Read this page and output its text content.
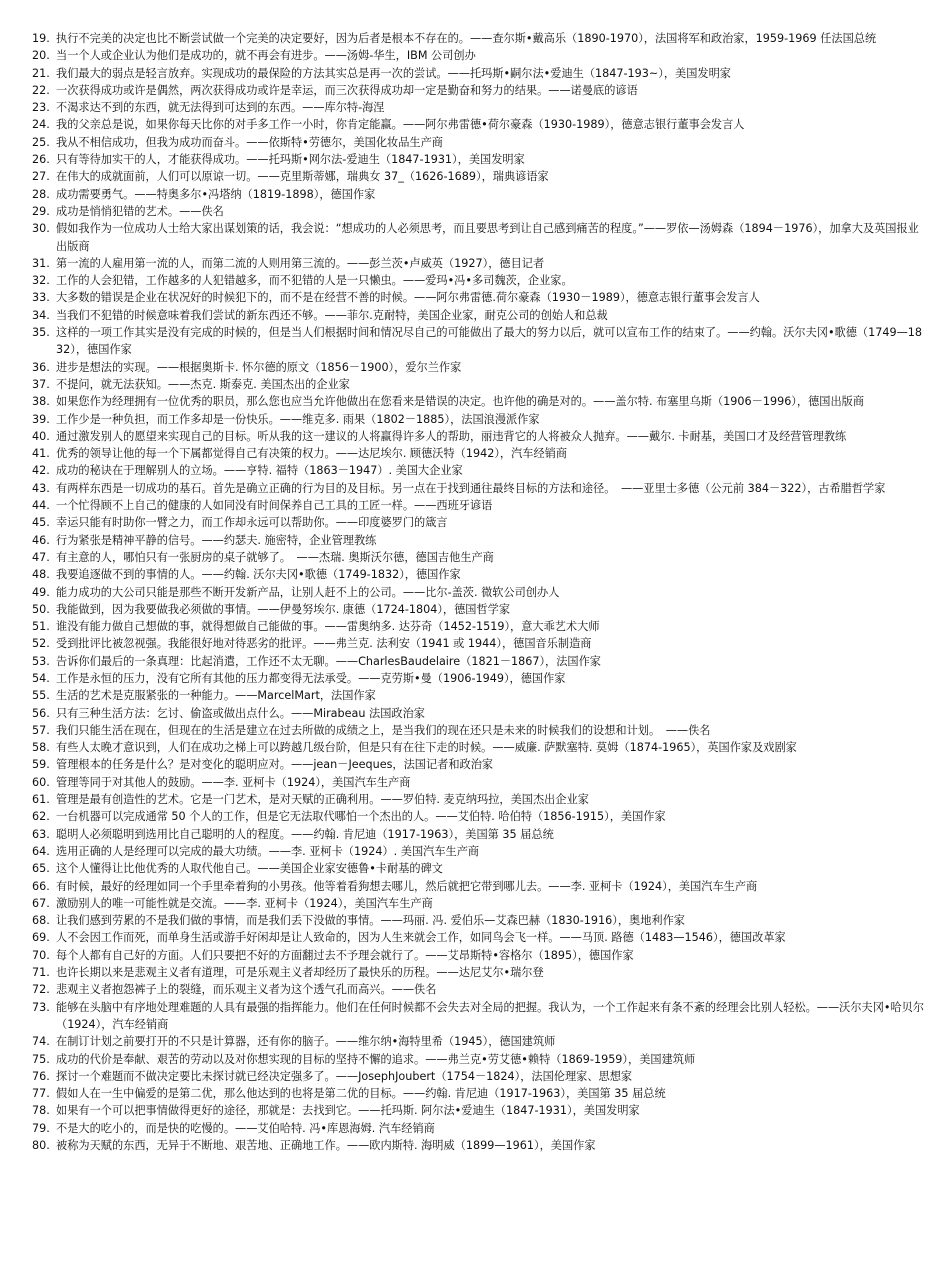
19. 执行不完美的决定也比不断尝试做一个完美的决定要好，因为后者是根本不存在的。——查尔斯•戴高乐（1890-1970），法国将军和政治家，1959-1969 任法国总统
20. 当一个人或企业认为他们是成功的，就不再会有进步。——汤姆-华生，IBM 公司创办
21. 我们最大的弱点是轻言放弃。实现成功的最保险的方法其实总是再一次的尝试。——托玛斯•嗣尔法•爱迪生（1847-193~），美国发明家
22. 一次获得成功或许是偶然，两次获得成功或许是幸运，而三次获得成功却一定是勤奋和努力的结果。——诺曼底的谚语
23. 不渴求达不到的东西，就无法得到可达到的东西。——库尔特-海涅
24. 我的父亲总是说，如果你每天比你的对手多工作一小时，你肯定能赢。——阿尔弗雷德•荷尔豪森（1930-1989），德意志银行董事会发言人
25. 我从不相信成功，但我为成功而奋斗。——依斯特•劳德尔，美国化妆品生产商
26. 只有等待加实干的人，才能获得成功。——托玛斯•网尔法-爱迪生（1847-1931），美国发明家
27. 在伟大的成就面前，人们可以原谅一切。——克里斯蒂娜，瑞典女 37_（1626-1689），瑞典谚语家
28. 成功需要勇气。——特奥多尔•冯塔纳（1819-1898），德国作家
29. 成功是悄悄犯错的艺术。——佚名
30. 假如我作为一位成功人士给大家出谋划策的话，我会说：“想成功的人必须思考，而且要思考到让自己感到痛苦的程度。”——罗依—汤姆森（1894－1976），加拿大及英国报业出版商
31. 第一流的人雇用第一流的人，而第二流的人则用第三流的。——彭兰茨•卢威英（1927），德目记者
32. 工作的人会犯错，工作越多的人犯错越多，而不犯错的人是一只懒虫。——爱玛•冯•多司魏茨，企业家。
33. 大多数的错误是企业在状况好的时候犯下的，而不是在经营不善的时候。——阿尔弗雷德.荷尔豪森（1930－1989），德意志银行董事会发言人
34. 当我们不犯错的时候意味着我们尝试的新东西还不够。——菲尔.克耐特，美国企业家，耐克公司的创始人和总裁
35. 这样的一项工作其实是没有完成的时候的，但是当人们根据时间和情况尽自己的可能做出了最大的努力以后，就可以宣布工作的结束了。——约翰。沃尔夫冈•歌德（1749—1832），德国作家
36. 进步是想法的实现。——根据奥斯卡. 怀尔德的原文（1856－1900），爱尔兰作家
37. 不提问，就无法获知。——杰克. 斯泰克. 美国杰出的企业家
38. 如果您作为经理拥有一位优秀的职员，那么您也应当允许他做出在您看来是错误的决定。也许他的确是对的。——盖尔特. 布塞里乌斯（1906－1996），德国出版商
39. 工作少是一种负担，而工作多却是一份快乐。——维克多. 雨果（1802－1885），法国浪漫派作家
40. 通过激发别人的愿望来实现自己的目标。听从我的这一建议的人将赢得许多人的帮助，丽违背它的人将被众人抛弃。——戴尔. 卡耐基，美国口才及经营管理教练
41. 优秀的领导让他的每一个下属都觉得自己有决策的权力。——达尼埃尔. 顾德沃特（1942），汽车经销商
42. 成功的秘诀在于理解别人的立场。——亨特. 福特（1863－1947）. 美国大企业家
43. 有两样东西是一切成功的基石。首先是确立正确的行为目的及目标。另一点在于找到通往最终目标的方法和途径。　——亚里士多德（公元前 384－322），古希腊哲学家
44. 一个忙得顾不上自己的健康的人如同没有时间保养自己工具的工匠一样。——西班牙谚语
45. 幸运只能有时助你一臂之力，而工作却永远可以帮助你。——印度婆罗门的箴言
46. 行为紧张是精神平静的信号。——约瑟夫. 施密特，企业管理教练
47. 有主意的人，哪怕只有一张厨房的桌子就够了。　——杰瑞. 奥斯沃尔德，德国吉他生产商
48. 我要追逐做不到的事情的人。——约翰. 沃尔夫冈•歌德（1749-1832），德国作家
49. 能力成功的大公司只能是那些不断开发新产品，让别人赶不上的公司。——比尔-盖茨. 微软公司创办人
50. 我能做到，因为我要做我必须做的事情。——伊曼努埃尔. 康德（1724-1804），德国哲学家
51. 谁没有能力做自己想做的事，就得想做自己能做的事。——雷奥纳多. 达芬奇（1452-1519），意大乖艺术大师
52. 受到批评比被忽视强。我能很好地对待恶劣的批评。——弗兰克. 法利安（1941 或 1944），德国音乐制造商
53. 告诉你们最后的一条真理：比起消遣，工作还不太无聊。——CharlesBaudelaire（1821－1867），法国作家
54. 工作是永恒的压力，没有它所有其他的压力都变得无法承受。——克劳斯•曼（1906-1949），德国作家
55. 生活的艺术是克服紧张的一种能力。——MarcelMart，法国作家
56. 只有三种生活方法：乞讨、偷盗或做出点什么。——Mirabeau 法国政治家
57. 我们只能生活在现在，但现在的生活是建立在过去所做的成绩之上，是当我们的现在还只是未来的时候我们的设想和计划。　——佚名
58. 有些人太晚才意识到，人们在成功之梯上可以跨越几级台阶，但是只有在往下走的时候。——威廉. 萨默塞特. 莫姆（1874-1965），英国作家及戏剧家
59. 管理根本的任务是什么？是对变化的聪明应对。——jean－Jeeques，法国记者和政治家
60. 管理等同于对其他人的鼓励。——李. 亚柯卡（1924），美国汽车生产商
61. 管理是最有创造性的艺术。它是一门艺术，是对天赋的正确利用。——罗伯特. 麦克纳玛拉，美国杰出企业家
62. 一台机器可以完成通常 50 个人的工作，但是它无法取代哪怕一个杰出的人。——艾伯特. 哈伯特（1856-1915），美国作家
63. 聪明人必须聪明到选用比自己聪明的人的程度。——约翰. 肯尼迪（1917-1963），美国第 35 届总统
64. 选用正确的人是经理可以完成的最大功绩。——李. 亚柯卡（1924）. 美国汽车生产商
65. 这个人懂得让比他优秀的人取代他自己。——美国企业家安德鲁•卡耐基的碑文
66. 有时候，最好的经理如同一个手里牵着狗的小男孩。他等着看狗想去哪儿，然后就把它带到哪儿去。——李. 亚柯卡（1924），美国汽车生产商
67. 激励别人的唯一可能性就是交流。——李. 亚柯卡（1924），美国汽车生产商
68. 让我们感到劳累的不是我们做的事情，而是我们丢下没做的事情。——玛丽. 冯. 爱伯乐—艾森巴赫（1830-1916），奥地利作家
69. 人不会因工作而死，而单身生活或游手好闲却是让人致命的，因为人生来就会工作，如同鸟会飞一样。——马顶. 路德（1483—1546），德国改革家
70. 每个人都有自己好的方面。人们只要把不好的方面翻过去不予理会就行了。——艾昂斯特•容格尔（1895），德国作家
71. 也许长期以来是悲观主义者有道理，可是乐观主义者却经历了最快乐的历程。——达尼艾尔•瑞尔登
72. 悲观主义者抱怨裤子上的裂缝，而乐观主义者为这个透气孔而高兴。——佚名
73. 能够在头脑中有序地处理难题的人具有最强的指挥能力。他们在任何时候都不会失去对全局的把握。我认为，一个工作起来有条不紊的经理会比别人轻松。——沃尔夫冈•哈贝尔（1924），汽车经销商
74. 在制订计划之前要打开的不只是计算器，还有你的脑子。——维尔纳•海特里希（1945），德国建筑师
75. 成功的代价是奉献、艰苦的劳动以及对你想实现的目标的坚持不懈的追求。——弗兰克•劳艾德•赖特（1869-1959），美国建筑师
76. 探讨一个难题而不做决定要比未探讨就已经决定强多了。——JosephJoubert（1754－1824），法国伦理家、思想家
77. 假如人在一生中偏爱的是第二优，那么他达到的也将是第二优的目标。——约翰. 肯尼迪（1917-1963），美国第 35 届总统
78. 如果有一个可以把事情做得更好的途径，那就是：去找到它。——托玛斯. 阿尔法•爱迪生（1847-1931），美国发明家
79. 不是大的吃小的，而是快的吃慢的。——艾伯哈特. 冯•库恩海姆. 汽车经销商
80. 被称为天赋的东西，无异于不断地、艰苦地、正确地工作。——欧内斯特. 海明威（1899—1961），美国作家
